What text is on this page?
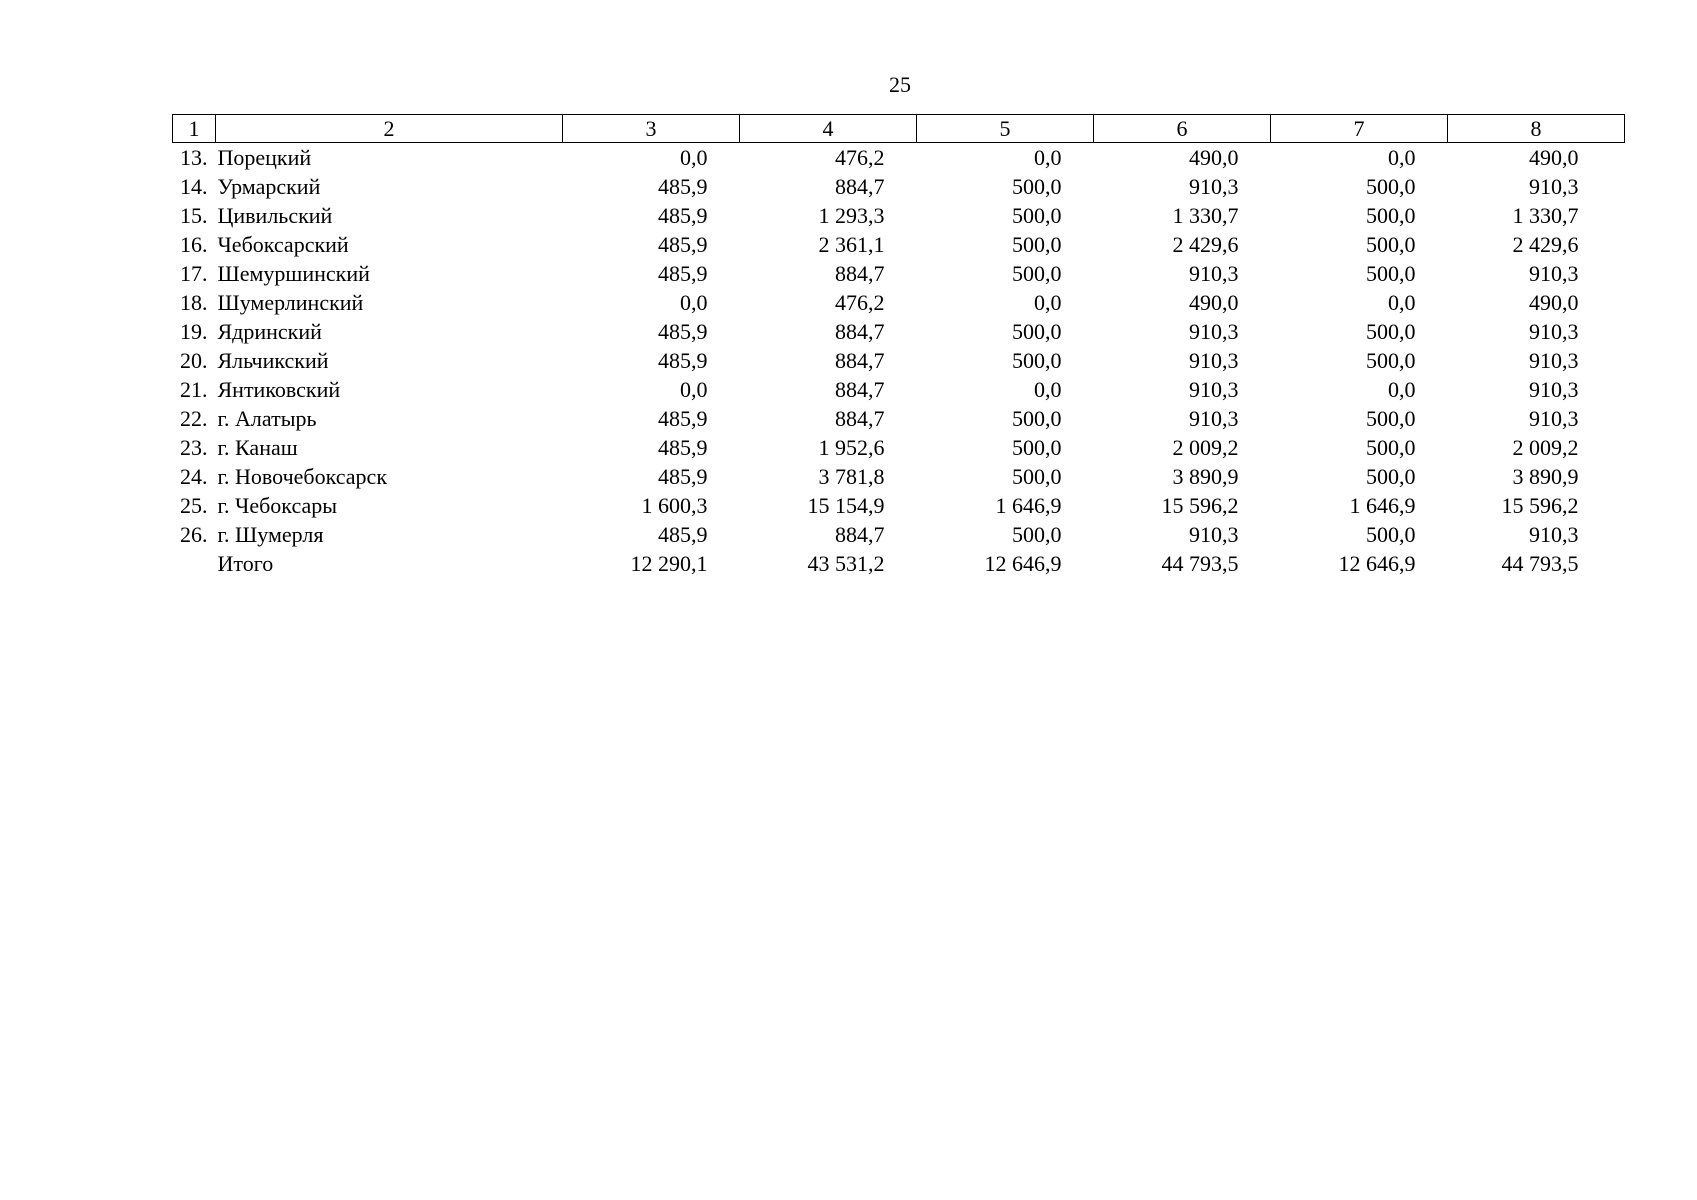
25
1	2	3	4	5	6	7	8
13.	Порецкий	0,0	476,2	0,0	490,0	0,0	490,0
14.	Урмарский	485,9	884,7	500,0	910,3	500,0	910,3
15.	Цивильский	485,9	1 293,3	500,0	1 330,7	500,0	1 330,7
16.	Чебоксарский	485,9	2 361,1	500,0	2 429,6	500,0	2 429,6
17.	Шемуршинский	485,9	884,7	500,0	910,3	500,0	910,3
18.	Шумерлинский	0,0	476,2	0,0	490,0	0,0	490,0
19.	Ядринский	485,9	884,7	500,0	910,3	500,0	910,3
20.	Яльчикский	485,9	884,7	500,0	910,3	500,0	910,3
21.	Янтиковский	0,0	884,7	0,0	910,3	0,0	910,3
22.	г. Алатырь	485,9	884,7	500,0	910,3	500,0	910,3
23.	г. Канаш	485,9	1 952,6	500,0	2 009,2	500,0	2 009,2
24.	г. Новочебоксарск	485,9	3 781,8	500,0	3 890,9	500,0	3 890,9
25.	г. Чебоксары	1 600,3	15 154,9	1 646,9	15 596,2	1 646,9	15 596,2
26.	г. Шумерля	485,9	884,7	500,0	910,3	500,0	910,3
	Итого	12 290,1	43 531,2	12 646,9	44 793,5	12 646,9	44 793,5
